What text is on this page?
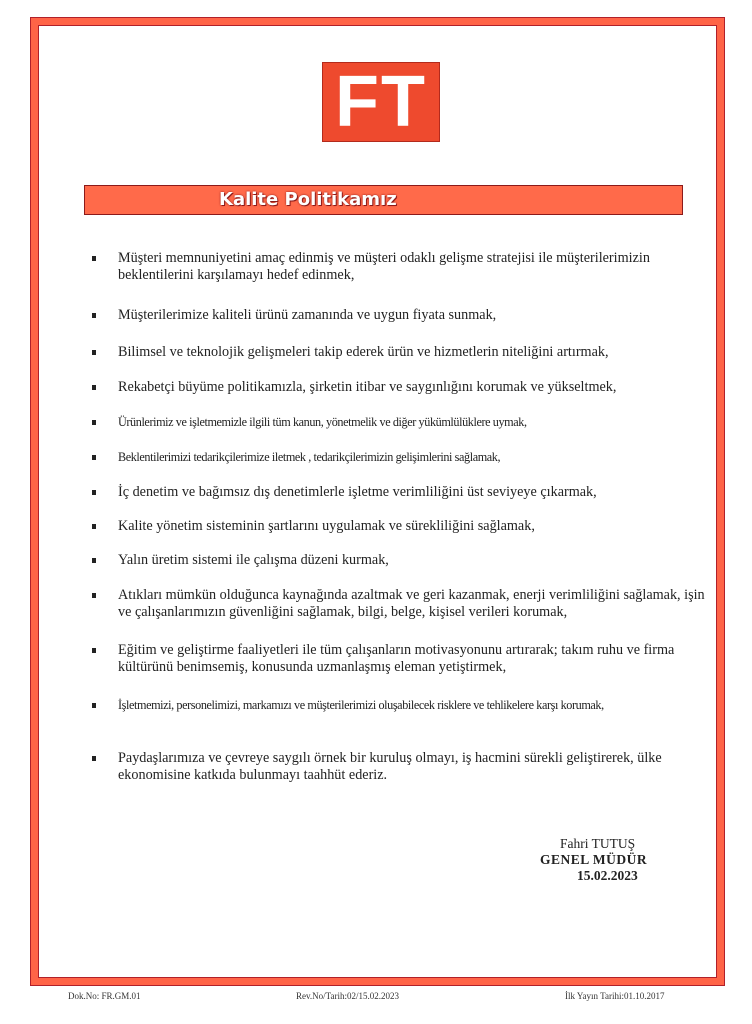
FT
Kalite Politikamız
Müşteri memnuniyetini amaç edinmiş ve müşteri odaklı gelişme stratejisi ile müşterilerimizin beklentilerini karşılamayı hedef edinmek,
Müşterilerimize kaliteli ürünü zamanında ve uygun fiyata sunmak,
Bilimsel ve teknolojik gelişmeleri takip ederek ürün ve hizmetlerin niteliğini artırmak,
Rekabetçi büyüme politikamızla, şirketin itibar ve saygınlığını korumak ve yükseltmek,
Ürünlerimiz ve işletmemizle ilgili tüm kanun, yönetmelik ve diğer yükümlülüklere uymak,
Beklentilerimizi tedarikçilerimize iletmek , tedarikçilerimizin gelişimlerini sağlamak,
İç denetim ve bağımsız dış denetimlerle işletme verimliliğini üst seviyeye çıkarmak,
Kalite yönetim sisteminin şartlarını uygulamak ve sürekliliğini sağlamak,
Yalın üretim sistemi ile çalışma düzeni kurmak,
Atıkları mümkün olduğunca kaynağında azaltmak ve geri kazanmak, enerji verimliliğini sağlamak, işin ve çalışanlarımızın güvenliğini sağlamak, bilgi, belge, kişisel verileri korumak,
Eğitim ve geliştirme faaliyetleri ile tüm çalışanların motivasyonunu artırarak; takım ruhu ve firma kültürünü benimsemiş, konusunda uzmanlaşmış eleman yetiştirmek,
İşletmemizi, personelimizi, markamızı ve müşterilerimizi oluşabilecek risklere ve tehlikelere karşı korumak,
Paydaşlarımıza ve çevreye saygılı örnek bir kuruluş olmayı, iş hacmini sürekli geliştirerek, ülke ekonomisine katkıda bulunmayı taahhüt ederiz.
Fahri TUTUŞ
GENEL MÜDÜR
15.02.2023
Dok.No: FR.GM.01	Rev.No/Tarih:02/15.02.2023	İlk Yayın Tarihi:01.10.2017
